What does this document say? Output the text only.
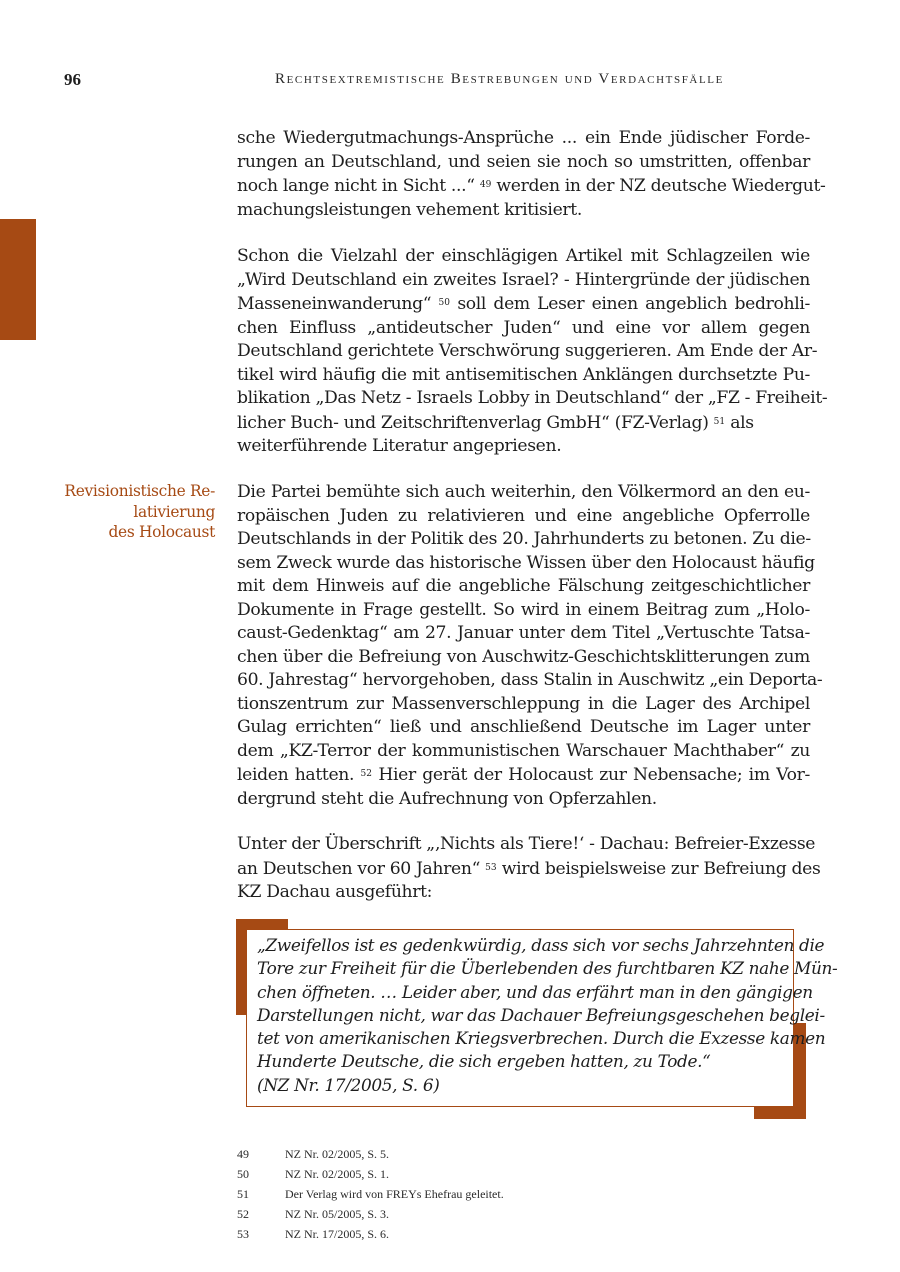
96	Rechtsextremistische Bestrebungen und Verdachtsfälle
Revisionistische Re-
lativierung
des Holocaust
sche Wiedergutmachungs-Ansprüche ... ein Ende jüdischer Forde-
rungen an Deutschland, und seien sie noch so umstritten, offenbar
noch lange nicht in Sicht ...“ $^{49}$ werden in der NZ deutsche Wiedergut-
machungsleistungen vehement kritisiert.
Schon die Vielzahl der einschlägigen Artikel mit Schlagzeilen wie
„Wird Deutschland ein zweites Israel? - Hintergründe der jüdischen
Masseneinwanderung“ $^{50}$ soll dem Leser einen angeblich bedrohli-
chen Einfluss „antideutscher Juden“ und eine vor allem gegen
Deutschland gerichtete Verschwörung suggerieren. Am Ende der Ar-
tikel wird häufig die mit antisemitischen Anklängen durchsetzte Pu-
blikation „Das Netz - Israels Lobby in Deutschland“ der „FZ - Freiheit-
licher Buch- und Zeitschriftenverlag GmbH“ (FZ-Verlag) $^{51}$ als
weiterführende Literatur angepriesen.
Die Partei bemühte sich auch weiterhin, den Völkermord an den eu-
ropäischen Juden zu relativieren und eine angebliche Opferrolle
Deutschlands in der Politik des 20. Jahrhunderts zu betonen. Zu die-
sem Zweck wurde das historische Wissen über den Holocaust häufig
mit dem Hinweis auf die angebliche Fälschung zeitgeschichtlicher
Dokumente in Frage gestellt. So wird in einem Beitrag zum „Holo-
caust-Gedenktag“ am 27. Januar unter dem Titel „Vertuschte Tatsa-
chen über die Befreiung von Auschwitz-Geschichtsklitterungen zum
60. Jahrestag“ hervorgehoben, dass Stalin in Auschwitz „ein Deporta-
tionszentrum zur Massenverschleppung in die Lager des Archipel
Gulag errichten“ ließ und anschließend Deutsche im Lager unter
dem „KZ-Terror der kommunistischen Warschauer Machthaber“ zu
leiden hatten. $^{52}$ Hier gerät der Holocaust zur Nebensache; im Vor-
dergrund steht die Aufrechnung von Opferzahlen.
Unter der Überschrift „‚Nichts als Tiere!‘ - Dachau: Befreier-Exzesse
an Deutschen vor 60 Jahren“ $^{53}$ wird beispielsweise zur Befreiung des
KZ Dachau ausgeführt:
„Zweifellos ist es gedenkwürdig, dass sich vor sechs Jahrzehnten die
Tore zur Freiheit für die Überlebenden des furchtbaren KZ nahe Mün-
chen öffneten. … Leider aber, und das erfährt man in den gängigen
Darstellungen nicht, war das Dachauer Befreiungsgeschehen beglei-
tet von amerikanischen Kriegsverbrechen. Durch die Exzesse kamen
Hunderte Deutsche, die sich ergeben hatten, zu Tode.“
(NZ Nr. 17/2005, S. 6)
49	NZ Nr. 02/2005, S. 5.
50	NZ Nr. 02/2005, S. 1.
51	Der Verlag wird von FREYs Ehefrau geleitet.
52	NZ Nr. 05/2005, S. 3.
53	NZ Nr. 17/2005, S. 6.
